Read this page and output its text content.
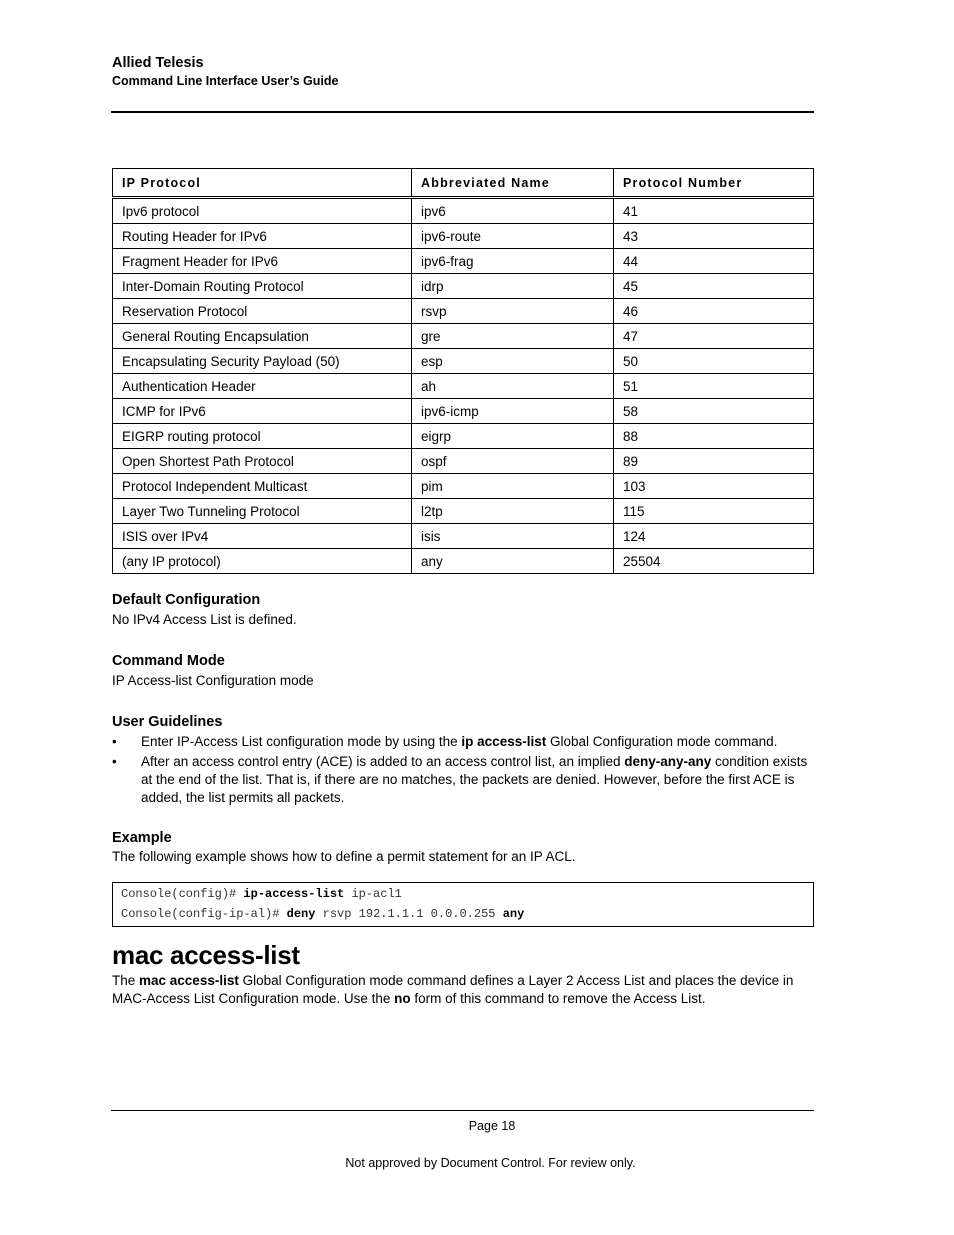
Allied Telesis
Command Line Interface User’s Guide
IP Protocol	Abbreviated Name	Protocol Number
Ipv6 protocol	ipv6	41
Routing Header for IPv6	ipv6-route	43
Fragment Header for IPv6	ipv6-frag	44
Inter-Domain Routing Protocol	idrp	45
Reservation Protocol	rsvp	46
General Routing Encapsulation	gre	47
Encapsulating Security Payload (50)	esp	50
Authentication Header	ah	51
ICMP for IPv6	ipv6-icmp	58
EIGRP routing protocol	eigrp	88
Open Shortest Path Protocol	ospf	89
Protocol Independent Multicast	pim	103
Layer Two Tunneling Protocol	l2tp	115
ISIS over IPv4	isis	124
(any IP protocol)	any	25504
Default Configuration
No IPv4 Access List is defined.
Command Mode
IP Access-list Configuration mode
User Guidelines
• Enter IP-Access List configuration mode by using the ip access-list Global Configuration mode command.
• After an access control entry (ACE) is added to an access control list, an implied deny-any-any condition exists at the end of the list. That is, if there are no matches, the packets are denied. However, before the first ACE is added, the list permits all packets.
Example
The following example shows how to define a permit statement for an IP ACL.
Console(config)# ip-access-list ip-acl1
Console(config-ip-al)# deny rsvp 192.1.1.1 0.0.0.255 any
mac access-list
The mac access-list Global Configuration mode command defines a Layer 2 Access List and places the device in MAC-Access List Configuration mode. Use the no form of this command to remove the Access List.
Page 18
Not approved by Document Control. For review only.
